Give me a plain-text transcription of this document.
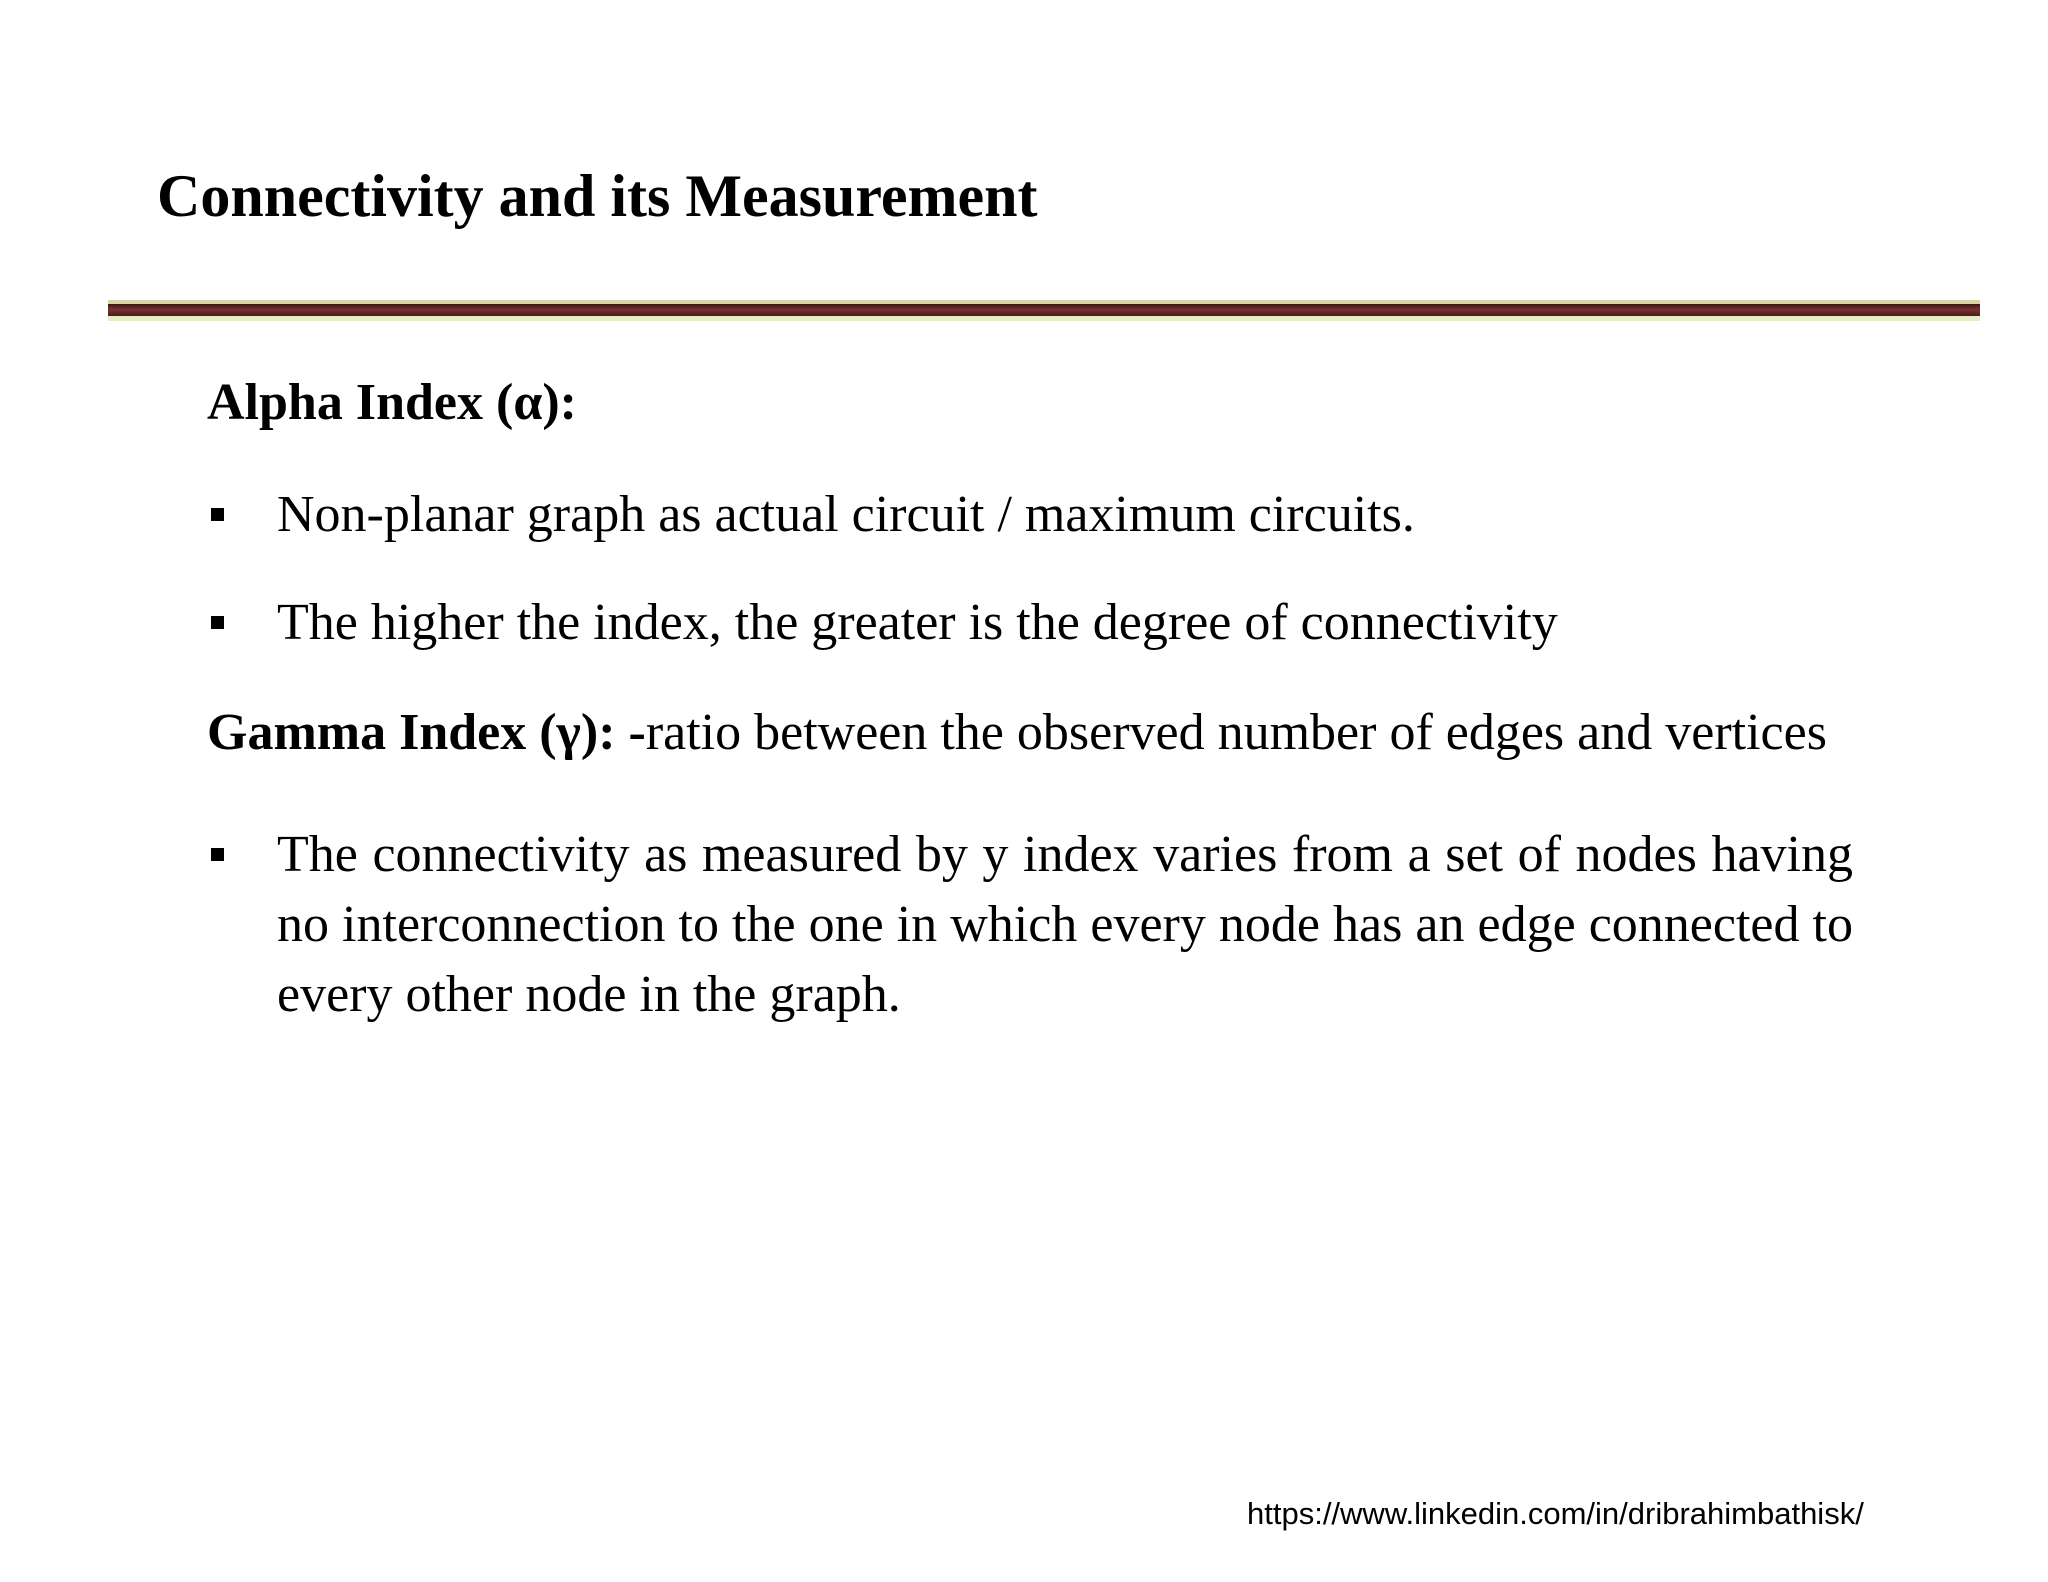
Connectivity and its Measurement

Alpha Index (α):

Non-planar graph as actual circuit / maximum circuits.
The higher the index, the greater is the degree of connectivity

Gamma Index (γ): -ratio between the observed number of edges and vertices

The connectivity as measured by y index varies from a set of nodes having no interconnection to the one in which every node has an edge connected to every other node in the graph.
https://www.linkedin.com/in/dribrahimbathisk/
